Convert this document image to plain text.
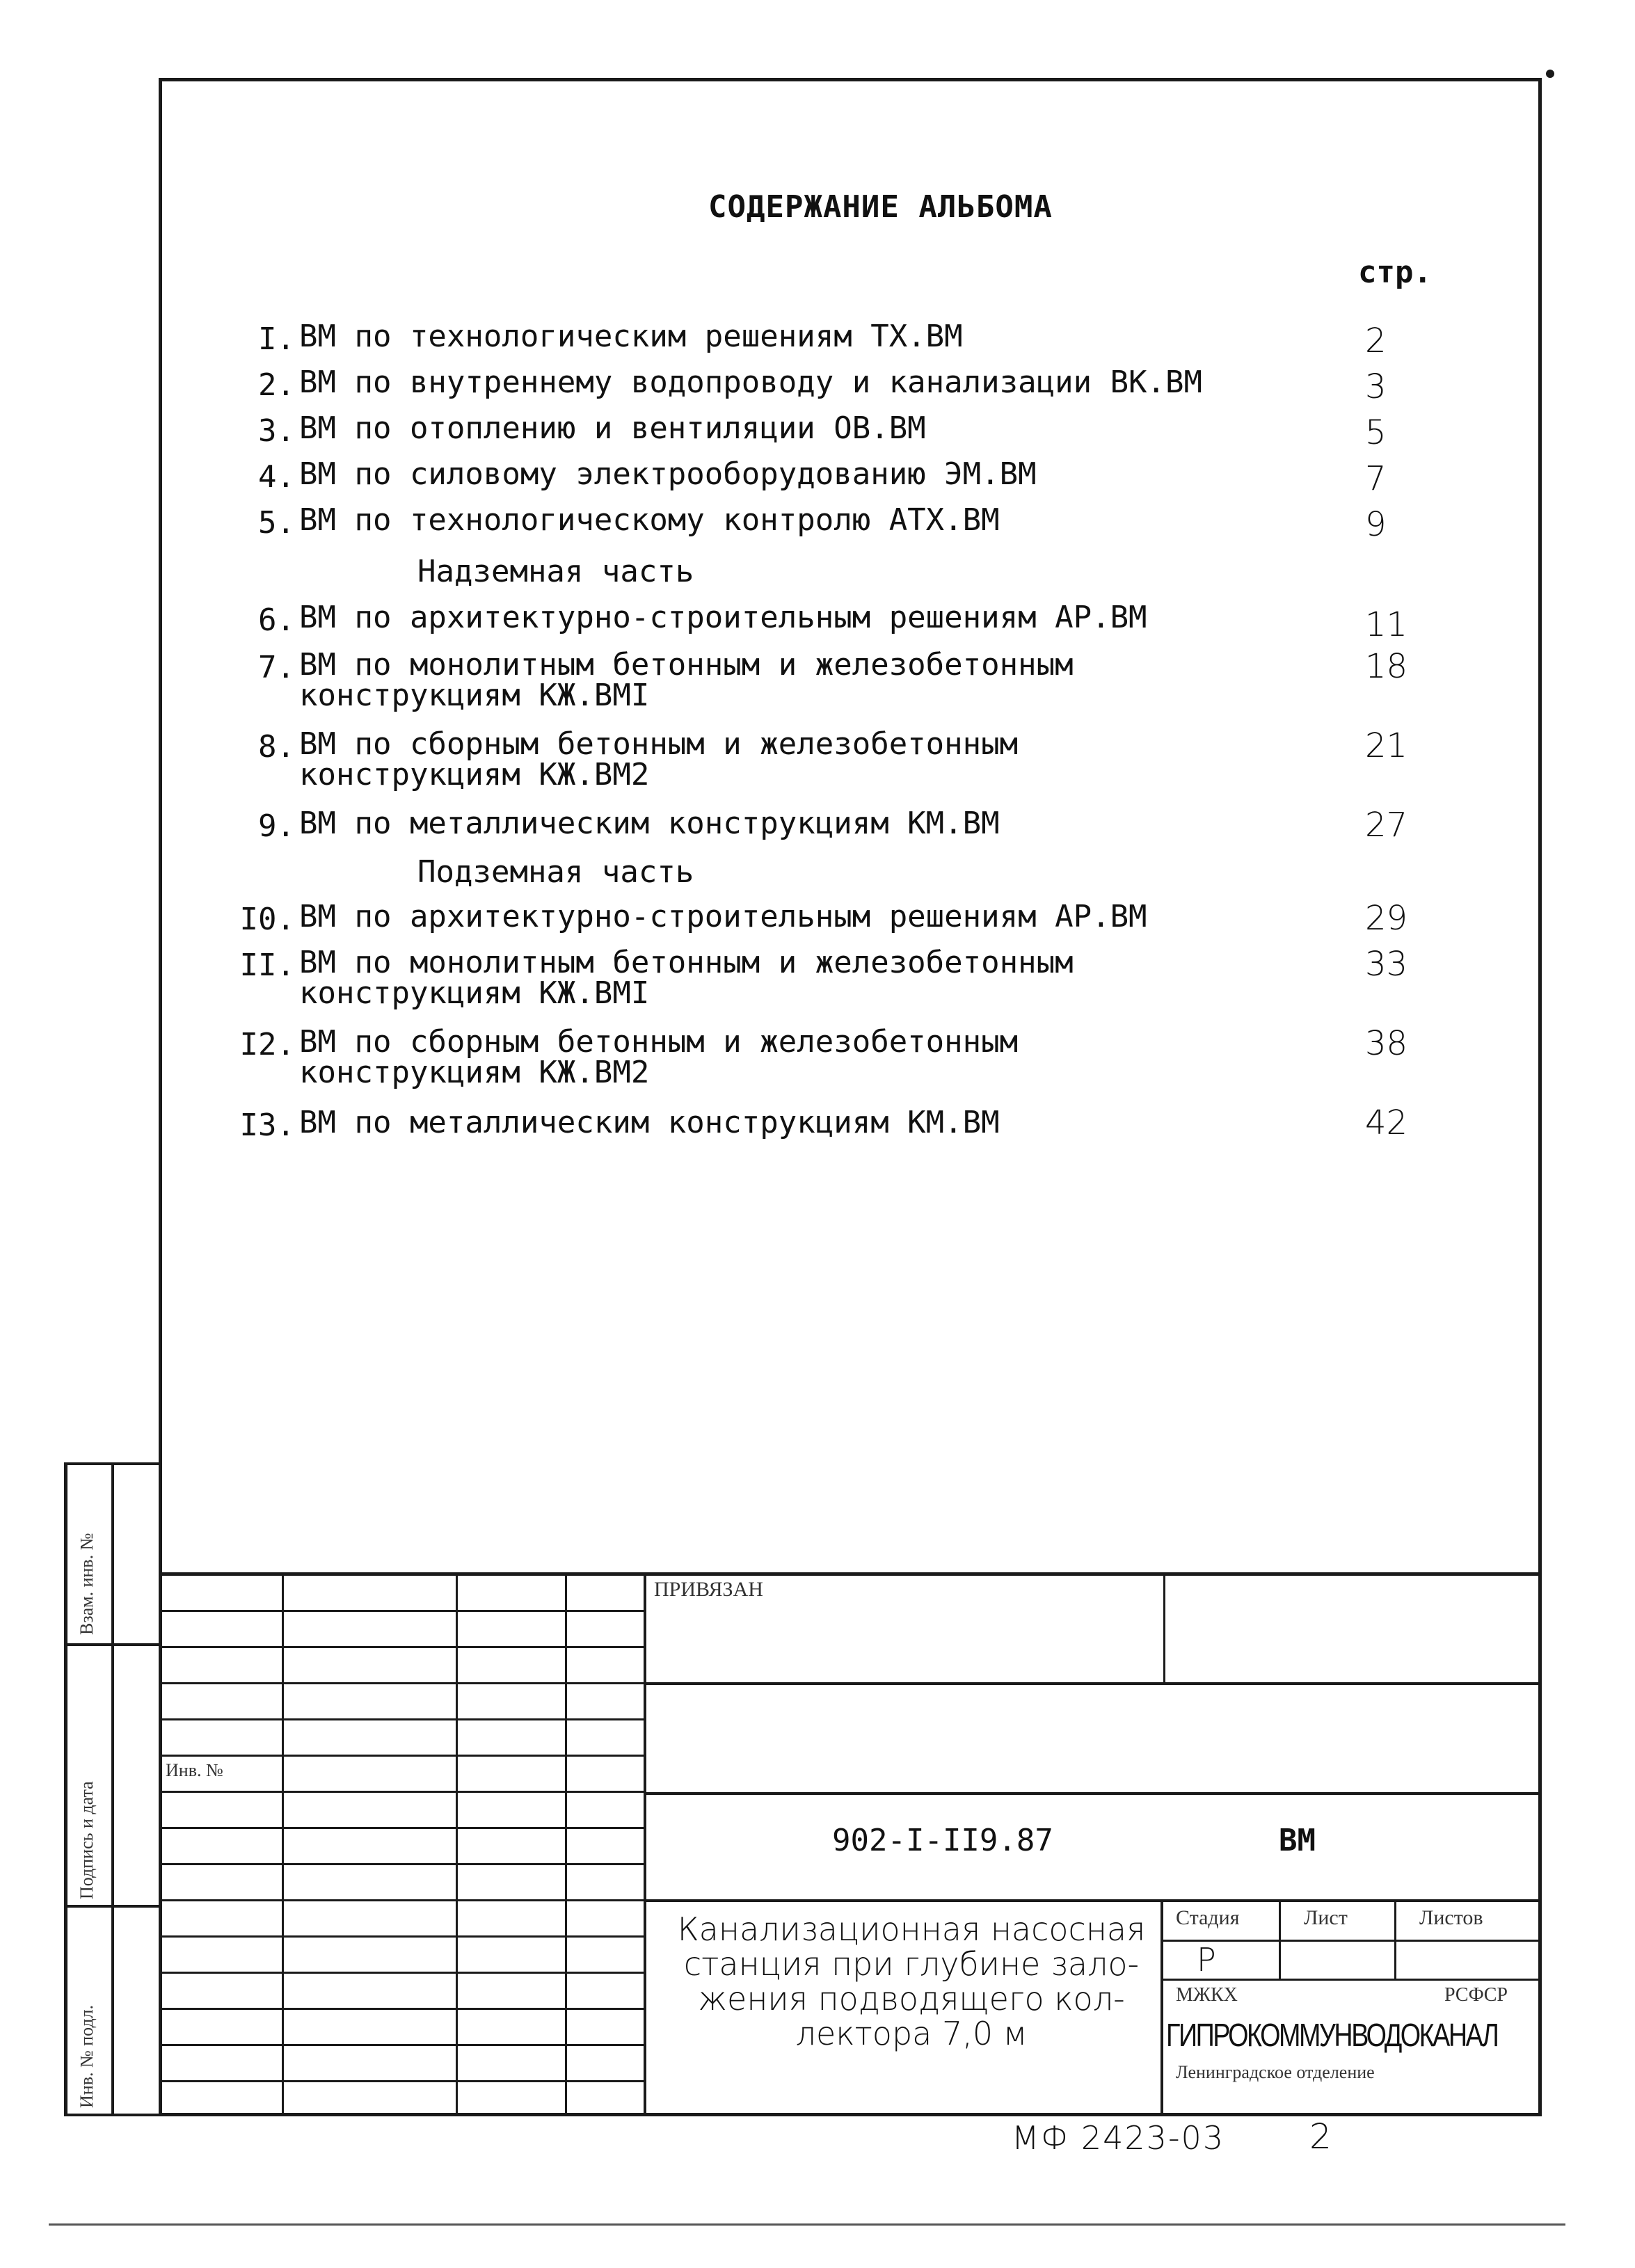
СОДЕРЖАНИЕ АЛЬБОМА
стр.
I. ВМ по технологическим решениям ТХ.ВМ	2
2. ВМ по внутреннему водопроводу и канализации ВК.ВМ	3
3. ВМ по отоплению и вентиляции ОВ.ВМ	5
4. ВМ по силовому электрооборудованию ЭМ.ВМ	7
5. ВМ по технологическому контролю АТХ.ВМ	9
Надземная часть
6. ВМ по архитектурно-строительным решениям АР.ВМ	11
7. ВМ по монолитным бетонным и железобетонным
конструкциям КЖ.ВМI
18
8. ВМ по сборным бетонным и железобетонным
конструкциям КЖ.ВМ2
21
9. ВМ по металлическим конструкциям КМ.ВМ	27
Подземная часть
I0. ВМ по архитектурно-строительным решениям АР.ВМ	29
II. ВМ по монолитным бетонным и железобетонным
конструкциям КЖ.ВМI
33
I2. ВМ по сборным бетонным и железобетонным
конструкциям КЖ.ВМ2
38
I3. ВМ по металлическим конструкциям КМ.ВМ	42
Взам. инв. №
Подпись и дата
Инв. № подл.
Инв. №
ПРИВЯЗАН
902-I-II9.87	ВМ
Канализационная насосная
станция при глубине зало-
жения подводящего кол-
лектора 7,0 м
Стадия	Лист	Листов
Р
МЖКХ	РСФСР
ГИПРОКОММУНВОДОКАНАЛ
Ленинградское отделение
МФ 2423-03 2
